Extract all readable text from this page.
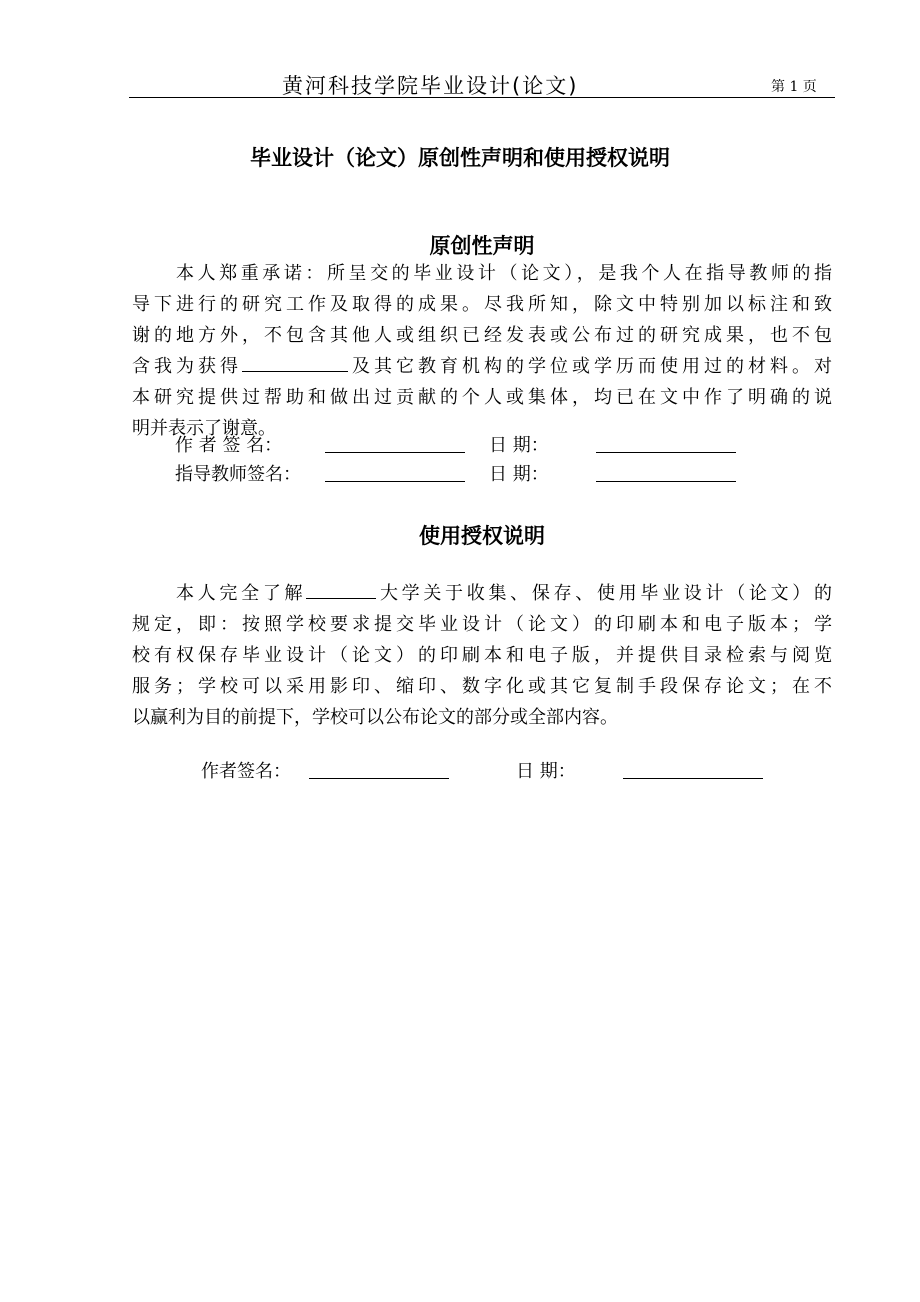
黄河科技学院毕业设计(论文)	第 1 页
毕业设计（论文）原创性声明和使用授权说明
原创性声明
本人郑重承诺：所呈交的毕业设计（论文），是我个人在指导教师的指
导下进行的研究工作及取得的成果。尽我所知，除文中特别加以标注和致
谢的地方外，不包含其他人或组织已经发表或公布过的研究成果，也不包
含我为获得	及其它教育机构的学位或学历而使用过的材料。对
本研究提供过帮助和做出过贡献的个人或集体，均已在文中作了明确的说
明并表示了谢意。
作 者 签 名：	日 期：
指导教师签名：	日 期：
使用授权说明
本人完全了解	大学关于收集、保存、使用毕业设计（论文）的
规定，即：按照学校要求提交毕业设计（论文）的印刷本和电子版本；学
校有权保存毕业设计（论文）的印刷本和电子版，并提供目录检索与阅览
服务；学校可以采用影印、缩印、数字化或其它复制手段保存论文；在不
以赢利为目的前提下，学校可以公布论文的部分或全部内容。
作者签名：	日 期：
